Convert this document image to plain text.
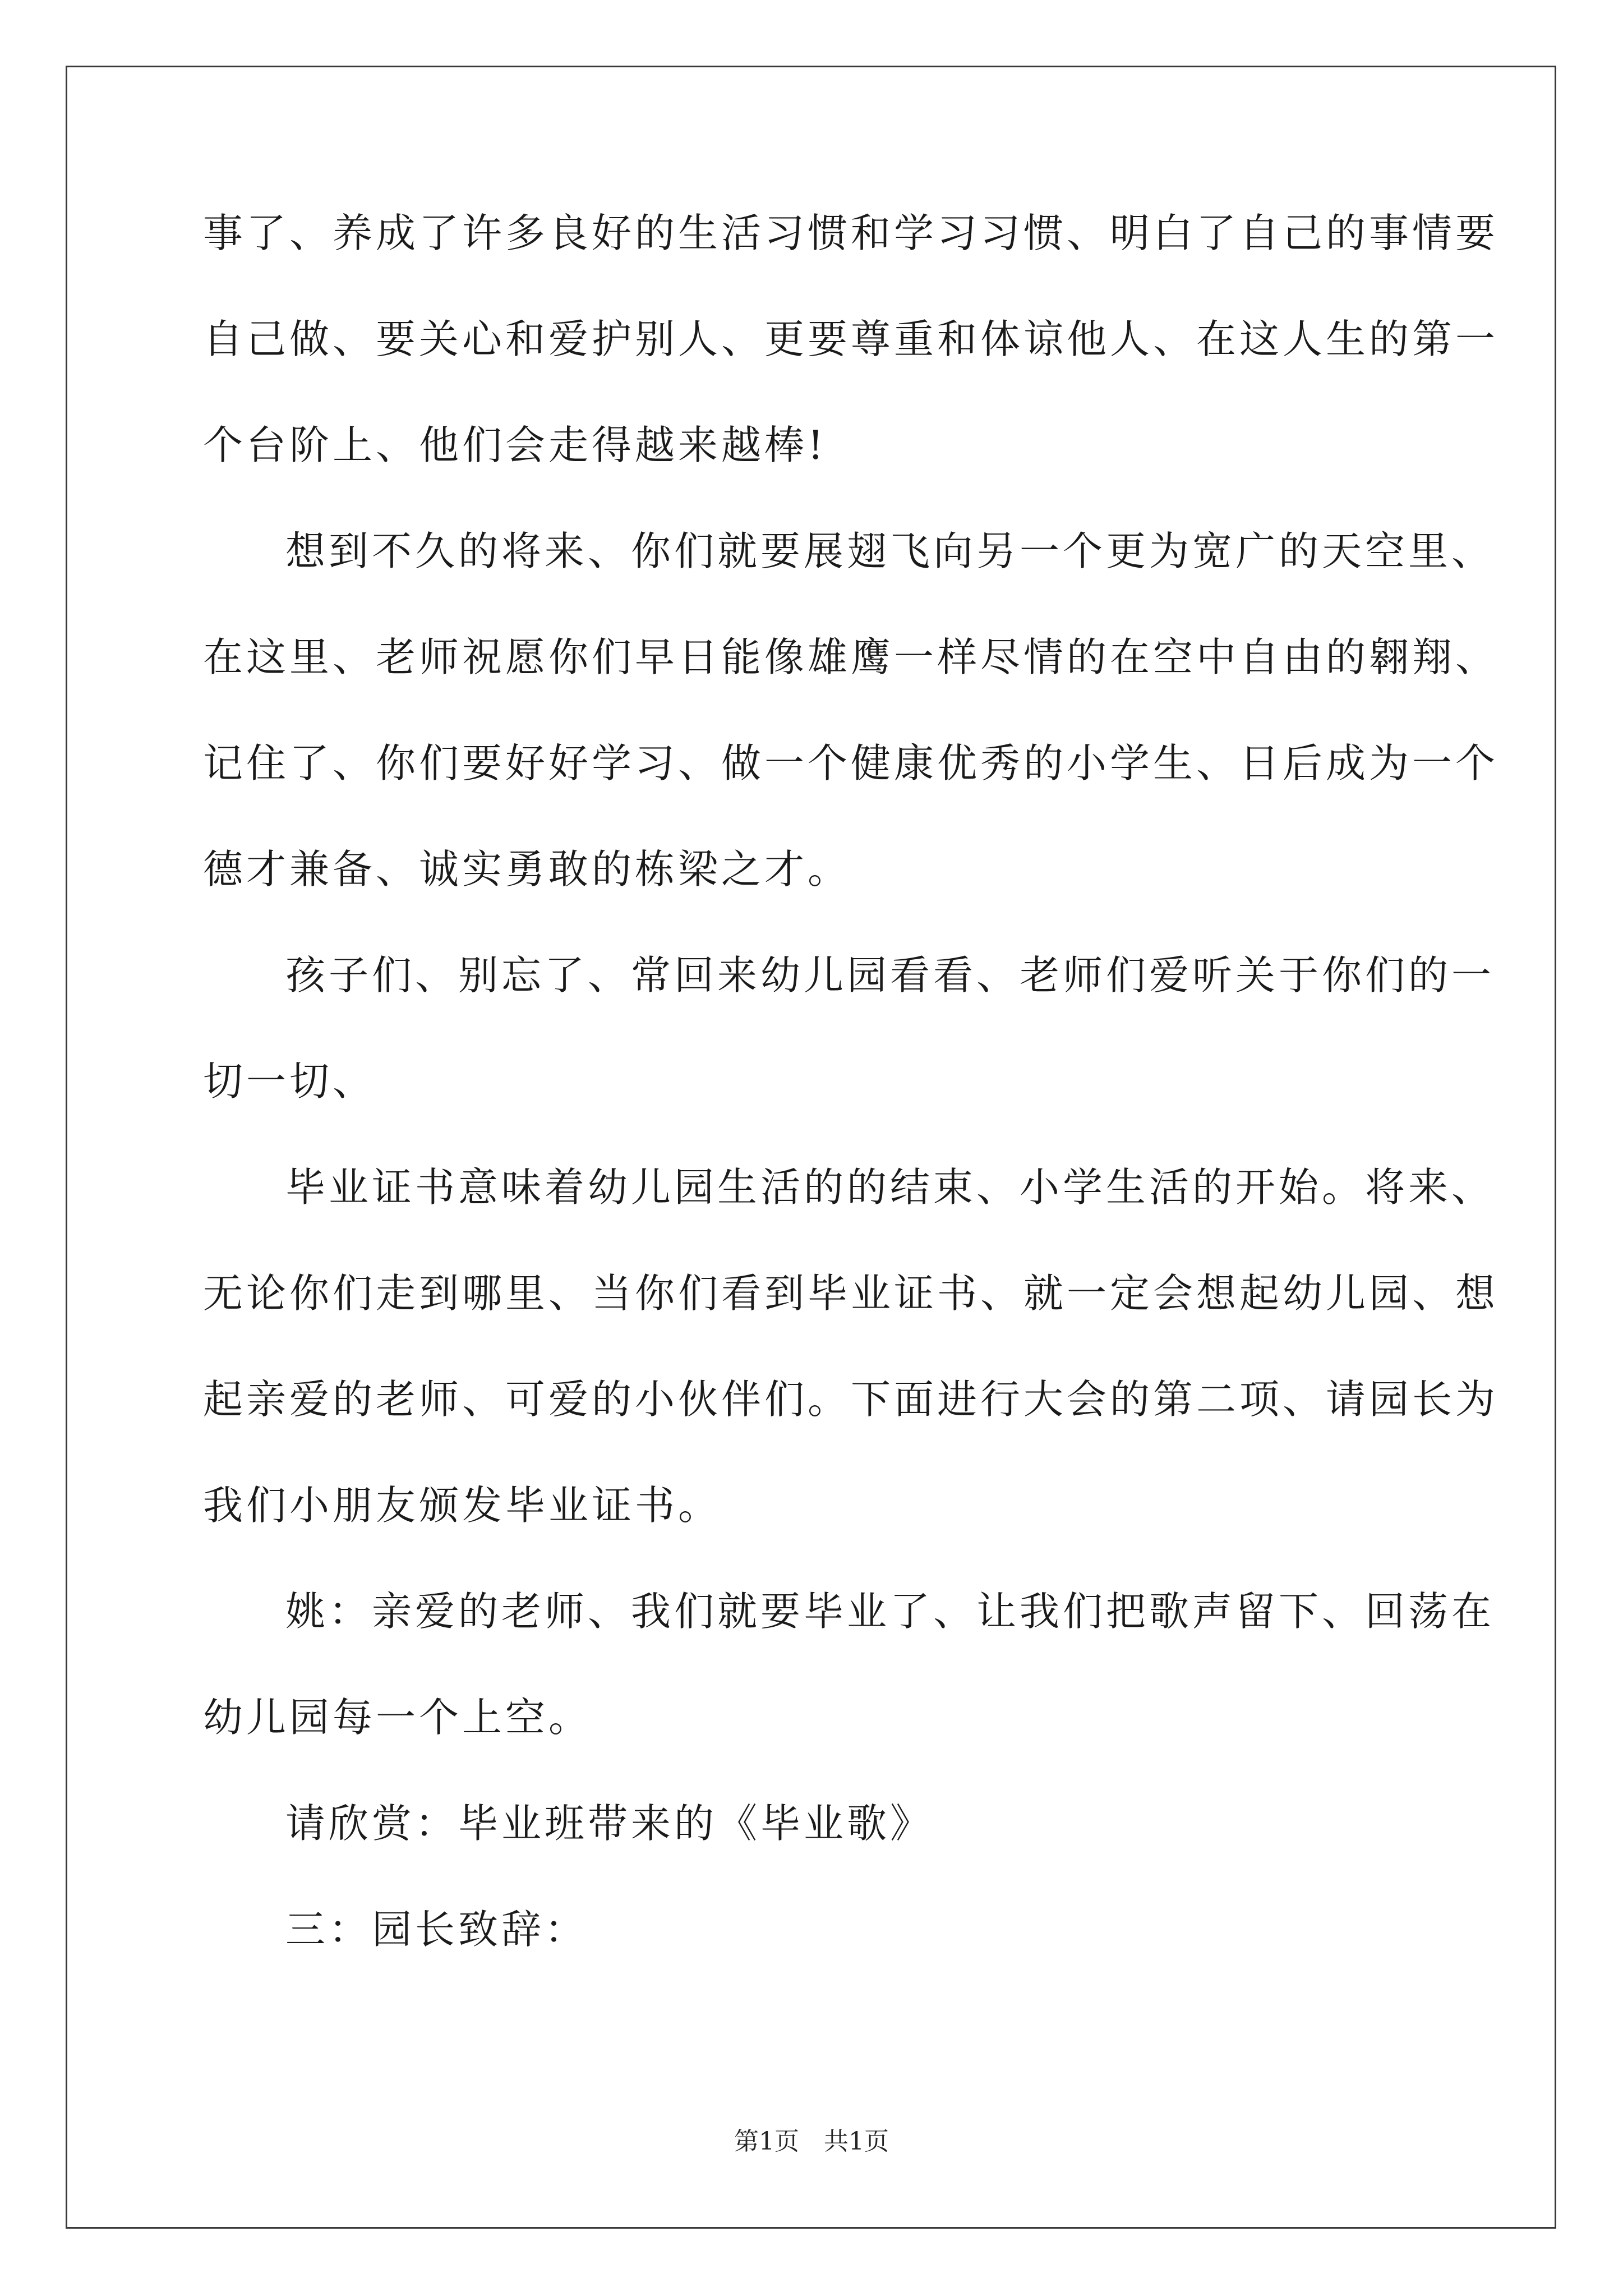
事了、养成了许多良好的生活习惯和学习习惯、明白了自己的事情要
自己做、要关心和爱护别人、更要尊重和体谅他人、在这人生的第一
个台阶上、他们会走得越来越棒!
想到不久的将来、你们就要展翅飞向另一个更为宽广的天空里、
在这里、老师祝愿你们早日能像雄鹰一样尽情的在空中自由的翱翔、
记住了、你们要好好学习、做一个健康优秀的小学生、日后成为一个
德才兼备、诚实勇敢的栋梁之才。
孩子们、别忘了、常回来幼儿园看看、老师们爱听关于你们的一
切一切、
毕业证书意味着幼儿园生活的的结束、小学生活的开始。将来、
无论你们走到哪里、当你们看到毕业证书、就一定会想起幼儿园、想
起亲爱的老师、可爱的小伙伴们。下面进行大会的第二项、请园长为
我们小朋友颁发毕业证书。
姚：亲爱的老师、我们就要毕业了、让我们把歌声留下、回荡在
幼儿园每一个上空。
请欣赏：毕业班带来的《毕业歌》
三：园长致辞：
第1页　共1页
